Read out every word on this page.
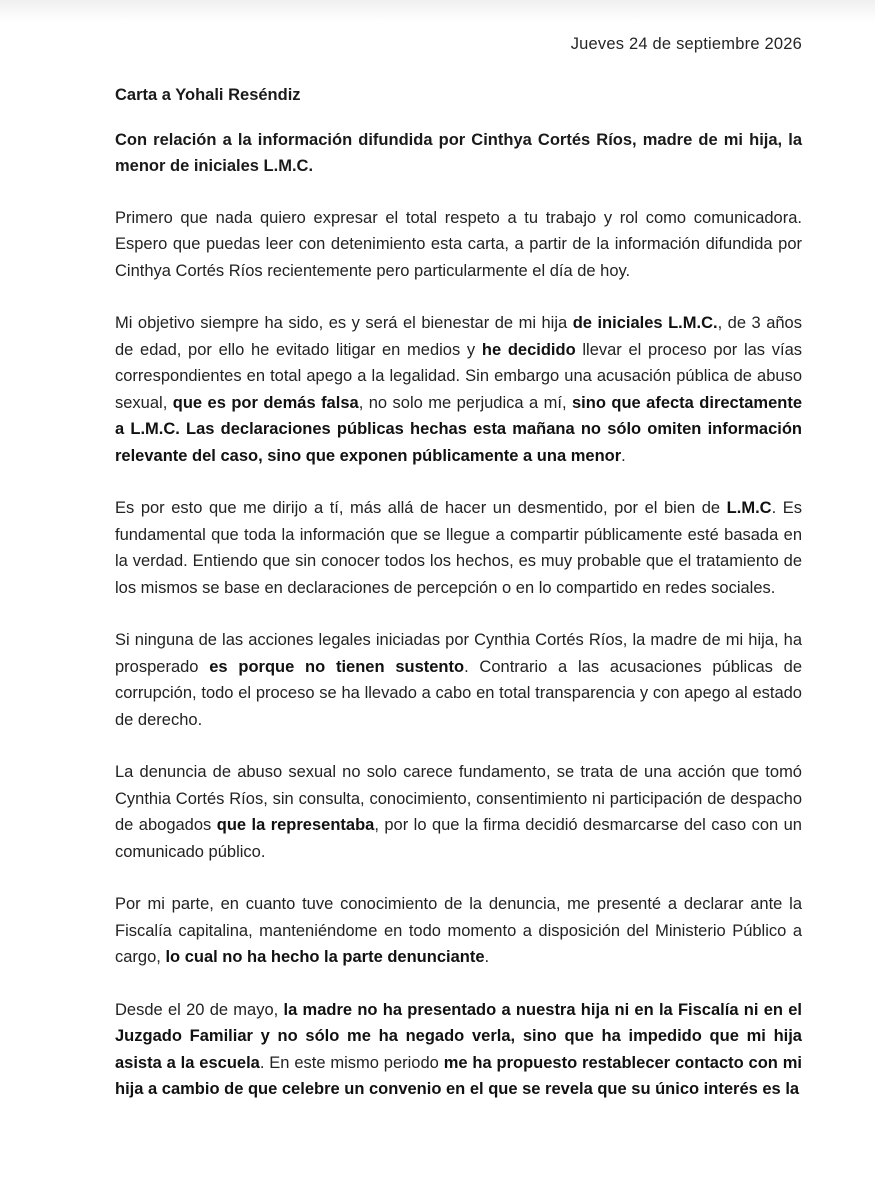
Jueves 24 de septiembre 2026

Carta a Yohali Reséndiz

Con relación a la información difundida por Cinthya Cortés Ríos, madre de mi hija, la menor de iniciales L.M.C.

Primero que nada quiero expresar el total respeto a tu trabajo y rol como comunicadora. Espero que puedas leer con detenimiento esta carta, a partir de la información difundida por Cinthya Cortés Ríos recientemente pero particularmente el día de hoy.

Mi objetivo siempre ha sido, es y será el bienestar de mi hija de iniciales L.M.C., de 3 años de edad, por ello he evitado litigar en medios y he decidido llevar el proceso por las vías correspondientes en total apego a la legalidad. Sin embargo una acusación pública de abuso sexual, que es por demás falsa, no solo me perjudica a mí, sino que afecta directamente a L.M.C. Las declaraciones públicas hechas esta mañana no sólo omiten información relevante del caso, sino que exponen públicamente a una menor.

Es por esto que me dirijo a tí, más allá de hacer un desmentido, por el bien de L.M.C. Es fundamental que toda la información que se llegue a compartir públicamente esté basada en la verdad. Entiendo que sin conocer todos los hechos, es muy probable que el tratamiento de los mismos se base en declaraciones de percepción o en lo compartido en redes sociales.

Si ninguna de las acciones legales iniciadas por Cynthia Cortés Ríos, la madre de mi hija, ha prosperado es porque no tienen sustento. Contrario a las acusaciones públicas de corrupción, todo el proceso se ha llevado a cabo en total transparencia y con apego al estado de derecho.

La denuncia de abuso sexual no solo carece fundamento, se trata de una acción que tomó Cynthia Cortés Ríos, sin consulta, conocimiento, consentimiento ni participación de despacho de abogados que la representaba, por lo que la firma decidió desmarcarse del caso con un comunicado público.

Por mi parte, en cuanto tuve conocimiento de la denuncia, me presenté a declarar ante la Fiscalía capitalina, manteniéndome en todo momento a disposición del Ministerio Público a cargo, lo cual no ha hecho la parte denunciante.

Desde el 20 de mayo, la madre no ha presentado a nuestra hija ni en la Fiscalía ni en el Juzgado Familiar y no sólo me ha negado verla, sino que ha impedido que mi hija asista a la escuela. En este mismo periodo me ha propuesto restablecer contacto con mi hija a cambio de que celebre un convenio en el que se revela que su único interés es la
